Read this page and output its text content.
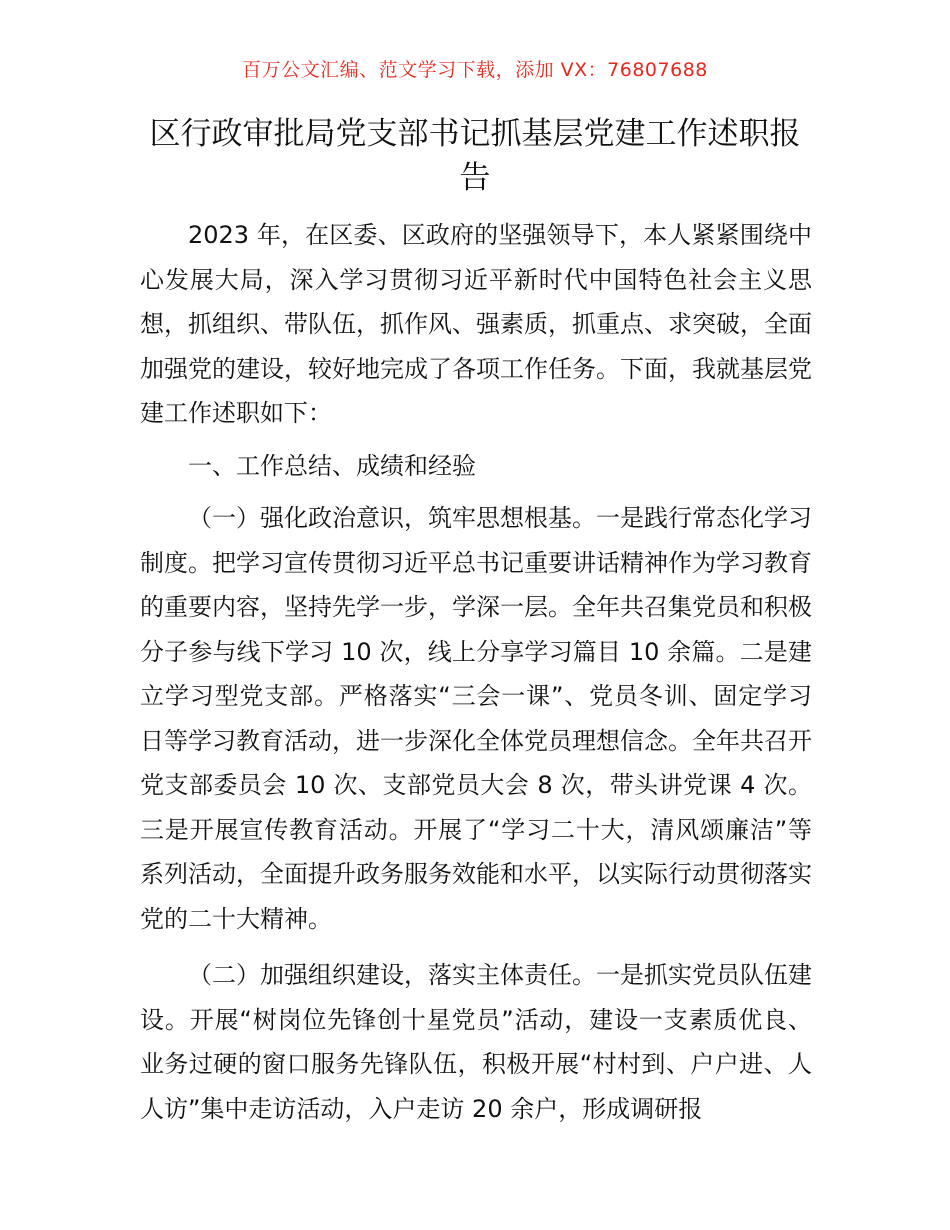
百万公文汇编、范文学习下载，添加 VX：76807688
区行政审批局党支部书记抓基层党建工作述职报告

2023 年，在区委、区政府的坚强领导下，本人紧紧围绕中心发展大局，深入学习贯彻习近平新时代中国特色社会主义思想，抓组织、带队伍，抓作风、强素质，抓重点、求突破，全面加强党的建设，较好地完成了各项工作任务。下面，我就基层党建工作述职如下：

一、工作总结、成绩和经验

（一）强化政治意识，筑牢思想根基。一是践行常态化学习制度。把学习宣传贯彻习近平总书记重要讲话精神作为学习教育的重要内容，坚持先学一步，学深一层。全年共召集党员和积极分子参与线下学习 10 次，线上分享学习篇目 10 余篇。二是建立学习型党支部。严格落实“三会一课”、党员冬训、固定学习日等学习教育活动，进一步深化全体党员理想信念。全年共召开党支部委员会 10 次、支部党员大会 8 次，带头讲党课 4 次。三是开展宣传教育活动。开展了“学习二十大，清风颂廉洁”等系列活动，全面提升政务服务效能和水平，以实际行动贯彻落实党的二十大精神。

（二）加强组织建设，落实主体责任。一是抓实党员队伍建设。开展“树岗位先锋创十星党员”活动，建设一支素质优良、业务过硬的窗口服务先锋队伍，积极开展“村村到、户户进、人人访”集中走访活动，入户走访 20 余户，形成调研报
